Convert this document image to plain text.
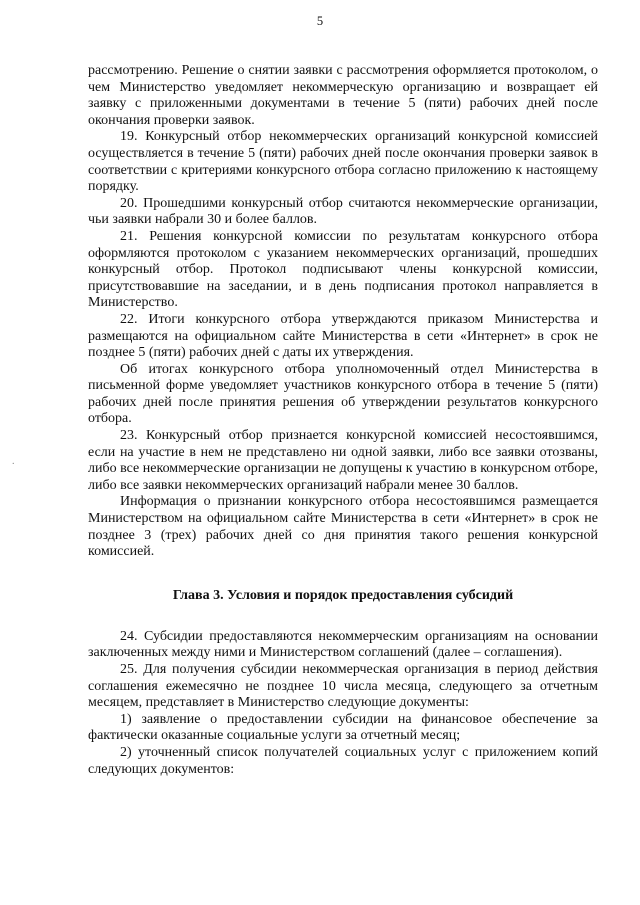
5
.

рассмотрению. Решение о снятии заявки с рассмотрения оформляется протоколом, о чем Министерство уведомляет некоммерческую организацию и возвращает ей заявку с приложенными документами в течение 5 (пяти) рабочих дней после окончания проверки заявок.

19. Конкурсный отбор некоммерческих организаций конкурсной комиссией осуществляется в течение 5 (пяти) рабочих дней после окончания проверки заявок в соответствии с критериями конкурсного отбора согласно приложению к настоящему порядку.

20. Прошедшими конкурсный отбор считаются некоммерческие организации, чьи заявки набрали 30 и более баллов.

21. Решения конкурсной комиссии по результатам конкурсного отбора оформляются протоколом с указанием некоммерческих организаций, прошедших конкурсный отбор. Протокол подписывают члены конкурсной комиссии, присутствовавшие на заседании, и в день подписания протокол направляется в Министерство.

22. Итоги конкурсного отбора утверждаются приказом Министерства и размещаются на официальном сайте Министерства в сети «Интернет» в срок не позднее 5 (пяти) рабочих дней с даты их утверждения.

Об итогах конкурсного отбора уполномоченный отдел Министерства в письменной форме уведомляет участников конкурсного отбора в течение 5 (пяти) рабочих дней после принятия решения об утверждении результатов конкурсного отбора.

23. Конкурсный отбор признается конкурсной комиссией несостоявшимся, если на участие в нем не представлено ни одной заявки, либо все заявки отозваны, либо все некоммерческие организации не допущены к участию в конкурсном отборе, либо все заявки некоммерческих организаций набрали менее 30 баллов.

Информация о признании конкурсного отбора несостоявшимся размещается Министерством на официальном сайте Министерства в сети «Интернет» в срок не позднее 3 (трех) рабочих дней со дня принятия такого решения конкурсной комиссией.

Глава 3. Условия и порядок предоставления субсидий

24. Субсидии предоставляются некоммерческим организациям на основании заключенных между ними и Министерством соглашений (далее – соглашения).

25. Для получения субсидии некоммерческая организация в период действия соглашения ежемесячно не позднее 10 числа месяца, следующего за отчетным месяцем, представляет в Министерство следующие документы:

1) заявление о предоставлении субсидии на финансовое обеспечение за фактически оказанные социальные услуги за отчетный месяц;

2) уточненный список получателей социальных услуг с приложением копий следующих документов:
